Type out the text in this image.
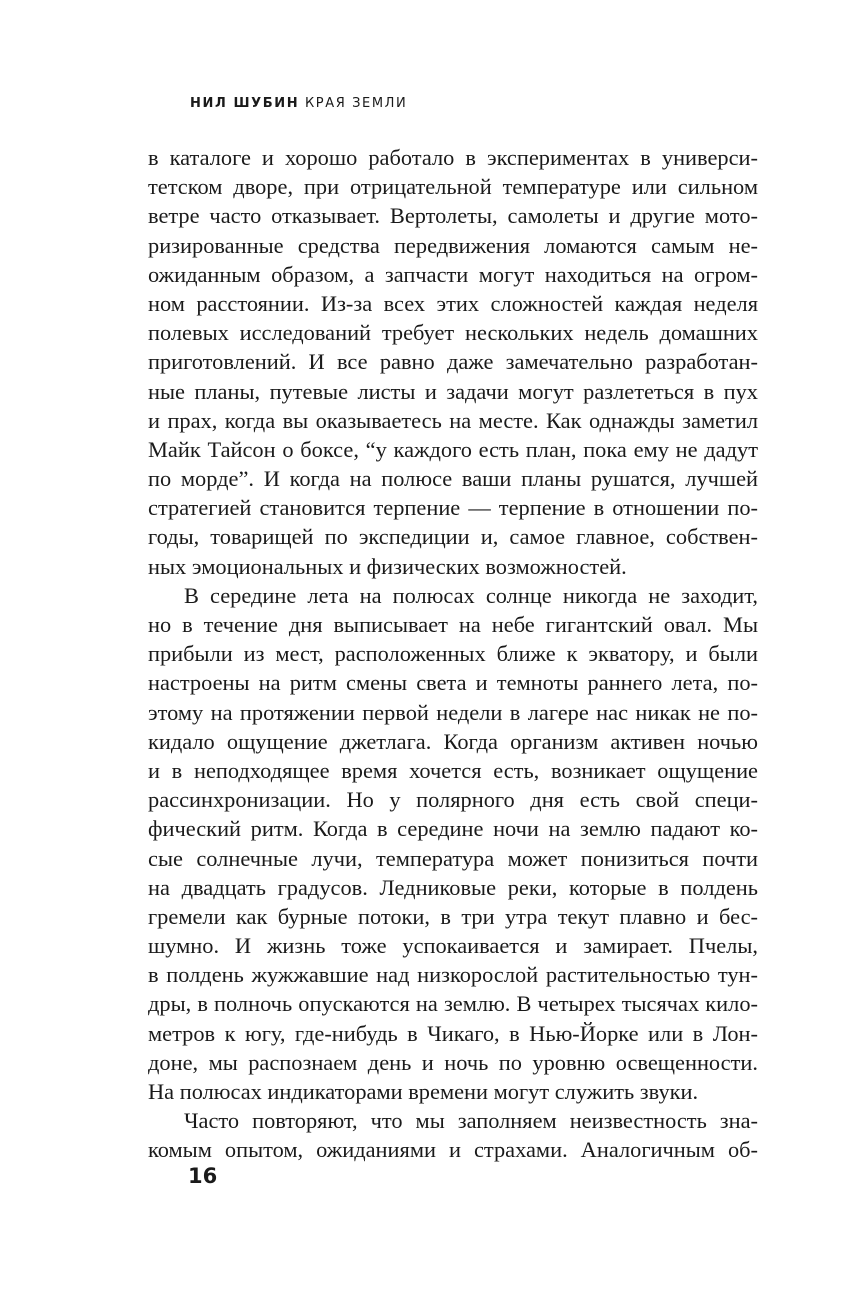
НИЛ ШУБИН КРАЯ ЗЕМЛИ
в каталоге и хорошо работало в экспериментах в универси-
тетском дворе, при отрицательной температуре или сильном
ветре часто отказывает. Вертолеты, самолеты и другие мото-
ризированные средства передвижения ломаются самым не-
ожиданным образом, а запчасти могут находиться на огром-
ном расстоянии. Из-за всех этих сложностей каждая неделя
полевых исследований требует нескольких недель домашних
приготовлений. И все равно даже замечательно разработан-
ные планы, путевые листы и задачи могут разлететься в пух
и прах, когда вы оказываетесь на месте. Как однажды заметил
Майк Тайсон о боксе, “у каждого есть план, пока ему не дадут
по морде”. И когда на полюсе ваши планы рушатся, лучшей
стратегией становится терпение — терпение в отношении по-
годы, товарищей по экспедиции и, самое главное, собствен-
ных эмоциональных и физических возможностей.
В середине лета на полюсах солнце никогда не заходит,
но в течение дня выписывает на небе гигантский овал. Мы
прибыли из мест, расположенных ближе к экватору, и были
настроены на ритм смены света и темноты раннего лета, по-
этому на протяжении первой недели в лагере нас никак не по-
кидало ощущение джетлага. Когда организм активен ночью
и в неподходящее время хочется есть, возникает ощущение
рассинхронизации. Но у полярного дня есть свой специ-
фический ритм. Когда в середине ночи на землю падают ко-
сые солнечные лучи, температура может понизиться почти
на двадцать градусов. Ледниковые реки, которые в полдень
гремели как бурные потоки, в три утра текут плавно и бес-
шумно. И жизнь тоже успокаивается и замирает. Пчелы,
в полдень жужжавшие над низкорослой растительностью тун-
дры, в полночь опускаются на землю. В четырех тысячах кило-
метров к югу, где-нибудь в Чикаго, в Нью-Йорке или в Лон-
доне, мы распознаем день и ночь по уровню освещенности.
На полюсах индикаторами времени могут служить звуки.
Часто повторяют, что мы заполняем неизвестность зна-
комым опытом, ожиданиями и страхами. Аналогичным об-
16
